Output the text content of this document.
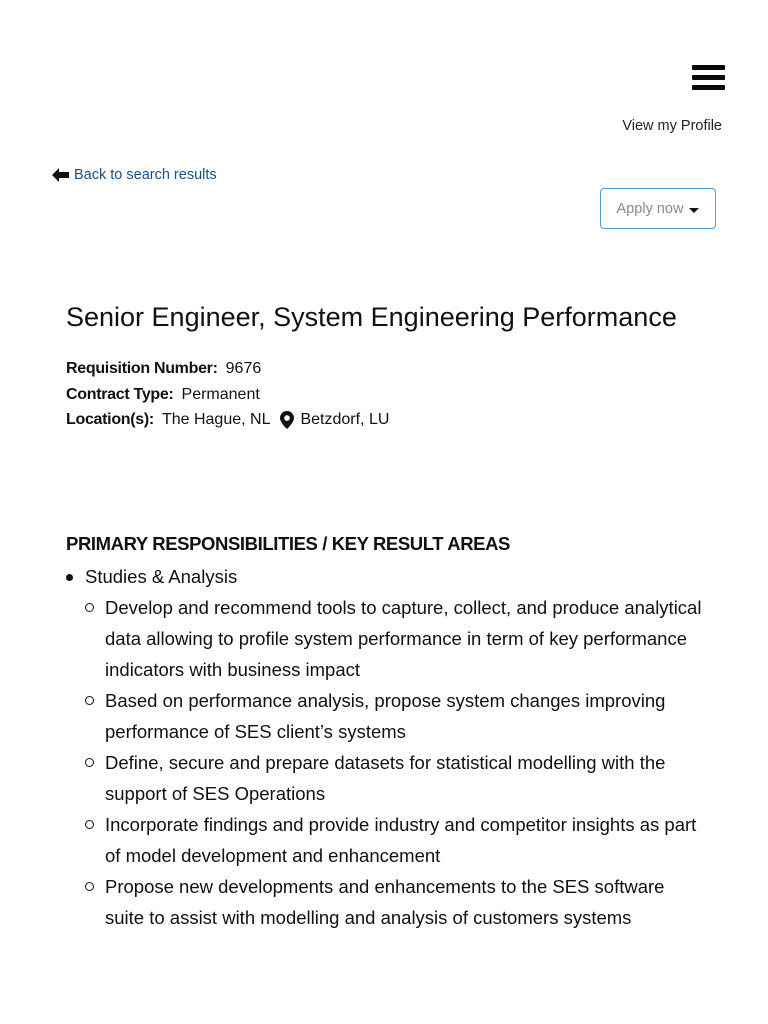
View my Profile
Back to search results
Apply now
Senior Engineer, System Engineering Performance
Requisition Number: 9676
Contract Type: Permanent
Location(s): The Hague, NL Betzdorf, LU
PRIMARY RESPONSIBILITIES / KEY RESULT AREAS
Studies & Analysis
Develop and recommend tools to capture, collect, and produce analytical data allowing to profile system performance in term of key performance indicators with business impact
Based on performance analysis, propose system changes improving performance of SES client’s systems
Define, secure and prepare datasets for statistical modelling with the support of SES Operations
Incorporate findings and provide industry and competitor insights as part of model development and enhancement
Propose new developments and enhancements to the SES software suite to assist with modelling and analysis of customers systems
